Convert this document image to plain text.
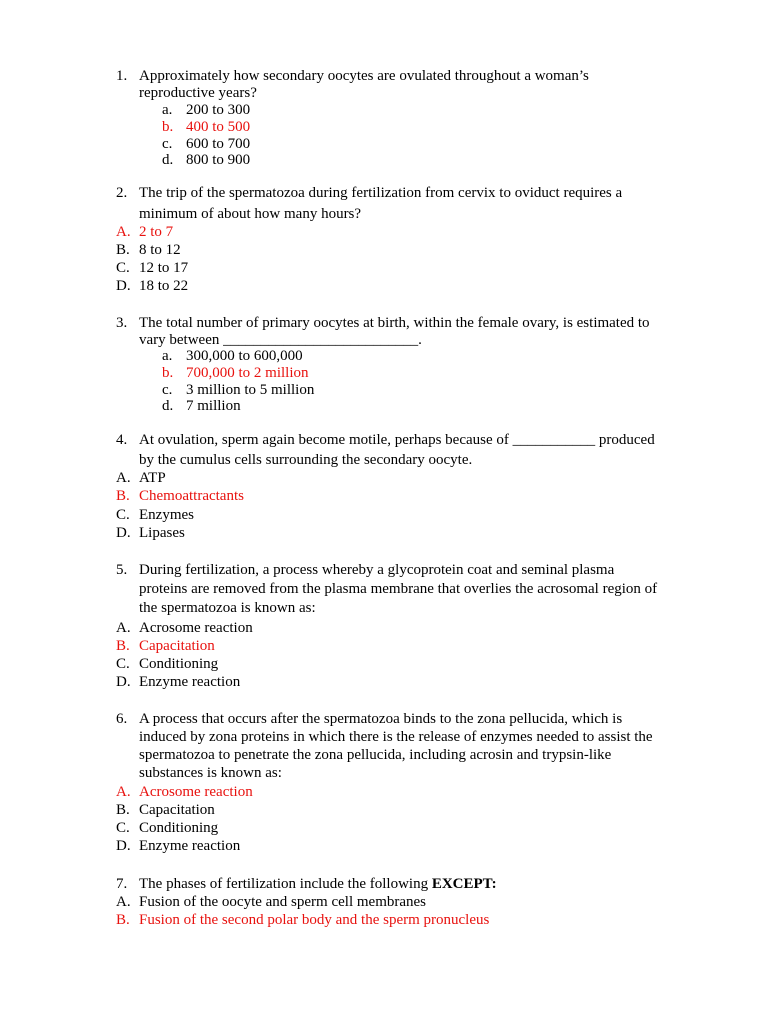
1. Approximately how secondary oocytes are ovulated throughout a woman’s
reproductive years?
a. 200 to 300
b. 400 to 500
c. 600 to 700
d. 800 to 900
2. The trip of the spermatozoa during fertilization from cervix to oviduct requires a
minimum of about how many hours?
A. 2 to 7
B. 8 to 12
C. 12 to 17
D. 18 to 22
3. The total number of primary oocytes at birth, within the female ovary, is estimated to
vary between __________________________.
a. 300,000 to 600,000
b. 700,000 to 2 million
c. 3 million to 5 million
d. 7 million
4. At ovulation, sperm again become motile, perhaps because of ___________ produced
by the cumulus cells surrounding the secondary oocyte.
A. ATP
B. Chemoattractants
C. Enzymes
D. Lipases
5. During fertilization, a process whereby a glycoprotein coat and seminal plasma
proteins are removed from the plasma membrane that overlies the acrosomal region of
the spermatozoa is known as:
A. Acrosome reaction
B. Capacitation
C. Conditioning
D. Enzyme reaction
6. A process that occurs after the spermatozoa binds to the zona pellucida, which is
induced by zona proteins in which there is the release of enzymes needed to assist the
spermatozoa to penetrate the zona pellucida, including acrosin and trypsin-like
substances is known as:
A. Acrosome reaction
B. Capacitation
C. Conditioning
D. Enzyme reaction
7. The phases of fertilization include the following EXCEPT:
A. Fusion of the oocyte and sperm cell membranes
B. Fusion of the second polar body and the sperm pronucleus
